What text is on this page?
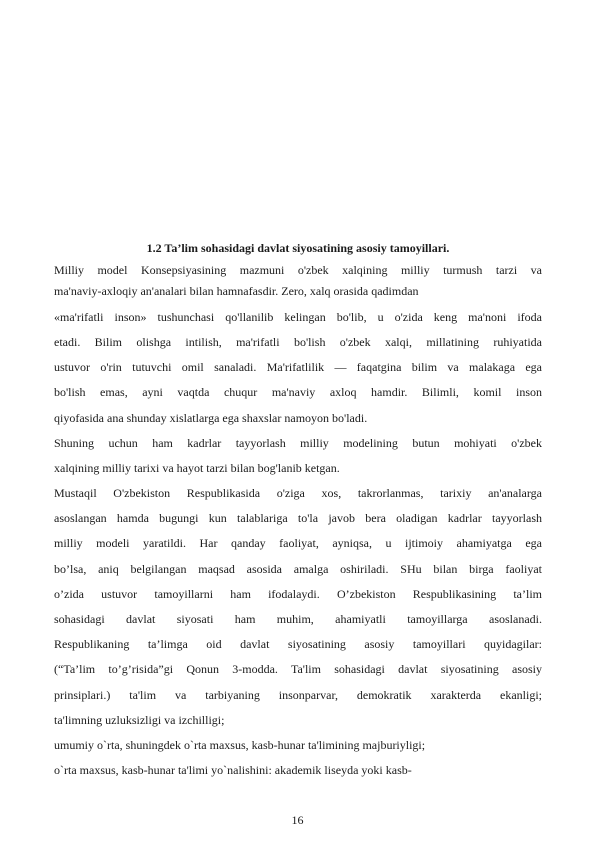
1.2 Ta’lim sohasidagi davlat siyosatining asosiy tamoyillari.
Milliy model Konsepsiyasining mazmuni o'zbek xalqining milliy turmush tarzi va
ma'naviy-axloqiy an'analari bilan hamnafasdir. Zero, xalq orasida qadimdan
«ma'rifatli inson» tushunchasi qo'llanilib kelingan bo'lib, u o'zida keng ma'noni ifoda
etadi. Bilim olishga intilish, ma'rifatli bo'lish o'zbek xalqi, millatining ruhiyatida
ustuvor o'rin tutuvchi omil sanaladi. Ma'rifatlilik — faqatgina bilim va malakaga ega
bo'lish emas, ayni vaqtda chuqur ma'naviy axloq hamdir. Bilimli, komil inson
qiyofasida ana shunday xislatlarga ega shaxslar namoyon bo'ladi.
Shuning uchun ham kadrlar tayyorlash milliy modelining butun mohiyati o'zbek
xalqining milliy tarixi va hayot tarzi bilan bog'lanib ketgan.
Mustaqil O'zbekiston Respublikasida o'ziga xos, takrorlanmas, tarixiy an'analarga
asoslangan hamda bugungi kun talablariga to'la javob bera oladigan kadrlar tayyorlash
milliy modeli yaratildi. Har qanday faoliyat, ayniqsa, u ijtimoiy ahamiyatga ega
bo’lsa, aniq belgilangan maqsad asosida amalga oshiriladi. SHu bilan birga faoliyat
o’zida ustuvor tamoyillarni ham ifodalaydi. O’zbekiston Respublikasining ta’lim
sohasidagi davlat siyosati ham muhim, ahamiyatli tamoyillarga asoslanadi.
Respublikaning ta’limga oid davlat siyosatining asosiy tamoyillari quyidagilar:
(“Ta’lim to’g’risida”gi Qonun 3-modda. Ta'lim sohasidagi davlat siyosatining asosiy
prinsiplari.) ta'lim va tarbiyaning insonparvar, demokratik xarakterda ekanligi;
ta'limning uzluksizligi va izchilligi;
umumiy o`rta, shuningdek o`rta maxsus, kasb-hunar ta'limining majburiyligi;
o`rta maxsus, kasb-hunar ta'limi yo`nalishini: akademik liseyda yoki kasb-
16
